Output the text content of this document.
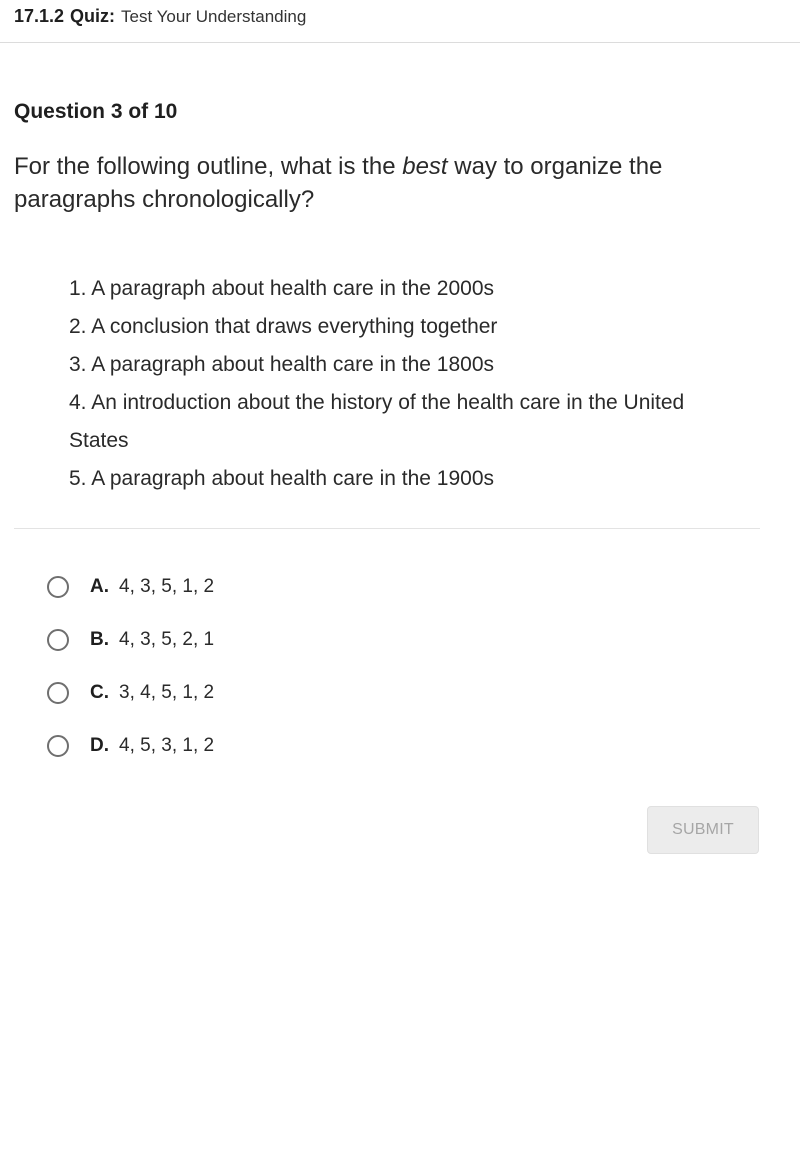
17.1.2 Quiz: Test Your Understanding
Question 3 of 10
For the following outline, what is the best way to organize the paragraphs chronologically?
1. A paragraph about health care in the 2000s
2. A conclusion that draws everything together
3. A paragraph about health care in the 1800s
4. An introduction about the history of the health care in the United States
5. A paragraph about health care in the 1900s
A. 4, 3, 5, 1, 2
B. 4, 3, 5, 2, 1
C. 3, 4, 5, 1, 2
D. 4, 5, 3, 1, 2
SUBMIT
